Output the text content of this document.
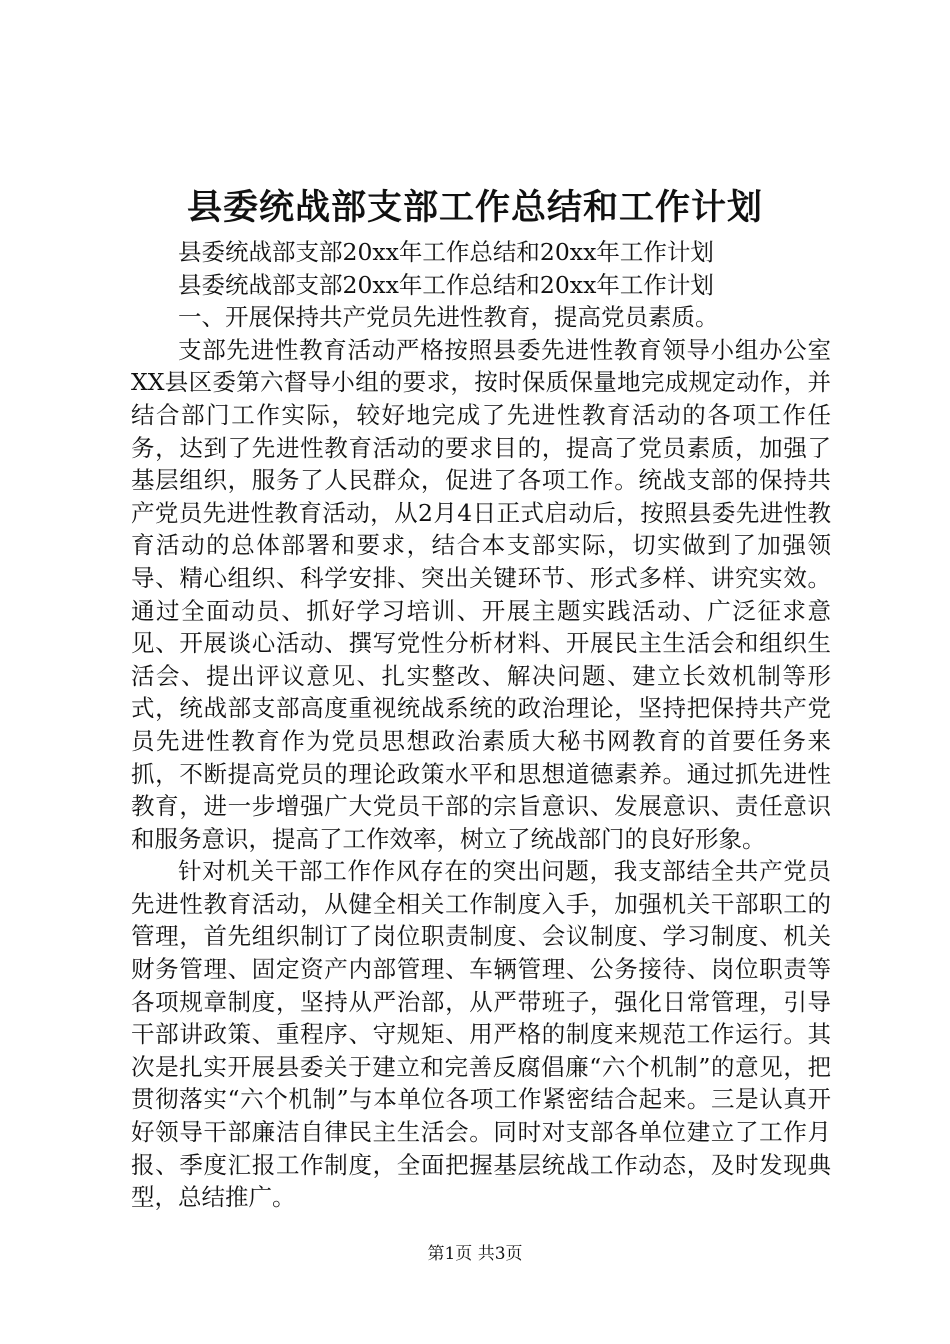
县委统战部支部工作总结和工作计划

县委统战部支部20xx年工作总结和20xx年工作计划

县委统战部支部20xx年工作总结和20xx年工作计划

一、开展保持共产党员先进性教育，提高党员素质。

支部先进性教育活动严格按照县委先进性教育领导小组办公室XX县区委第六督导小组的要求，按时保质保量地完成规定动作，并结合部门工作实际，较好地完成了先进性教育活动的各项工作任务，达到了先进性教育活动的要求目的，提高了党员素质，加强了基层组织，服务了人民群众，促进了各项工作。统战支部的保持共产党员先进性教育活动，从2月4日正式启动后，按照县委先进性教育活动的总体部署和要求，结合本支部实际，切实做到了加强领导、精心组织、科学安排、突出关键环节、形式多样、讲究实效。通过全面动员、抓好学习培训、开展主题实践活动、广泛征求意见、开展谈心活动、撰写党性分析材料、开展民主生活会和组织生活会、提出评议意见、扎实整改、解决问题、建立长效机制等形式，统战部支部高度重视统战系统的政治理论，坚持把保持共产党员先进性教育作为党员思想政治素质大秘书网教育的首要任务来抓，不断提高党员的理论政策水平和思想道德素养。通过抓先进性教育，进一步增强广大党员干部的宗旨意识、发展意识、责任意识和服务意识，提高了工作效率，树立了统战部门的良好形象。

针对机关干部工作作风存在的突出问题，我支部结全共产党员先进性教育活动，从健全相关工作制度入手，加强机关干部职工的管理，首先组织制订了岗位职责制度、会议制度、学习制度、机关财务管理、固定资产内部管理、车辆管理、公务接待、岗位职责等各项规章制度，坚持从严治部，从严带班子，强化日常管理，引导干部讲政策、重程序、守规矩、用严格的制度来规范工作运行。其次是扎实开展县委关于建立和完善反腐倡廉“六个机制”的意见，把贯彻落实“六个机制”与本单位各项工作紧密结合起来。三是认真开好领导干部廉洁自律民主生活会。同时对支部各单位建立了工作月报、季度汇报工作制度，全面把握基层统战工作动态，及时发现典型，总结推广。

第1页 共3页
